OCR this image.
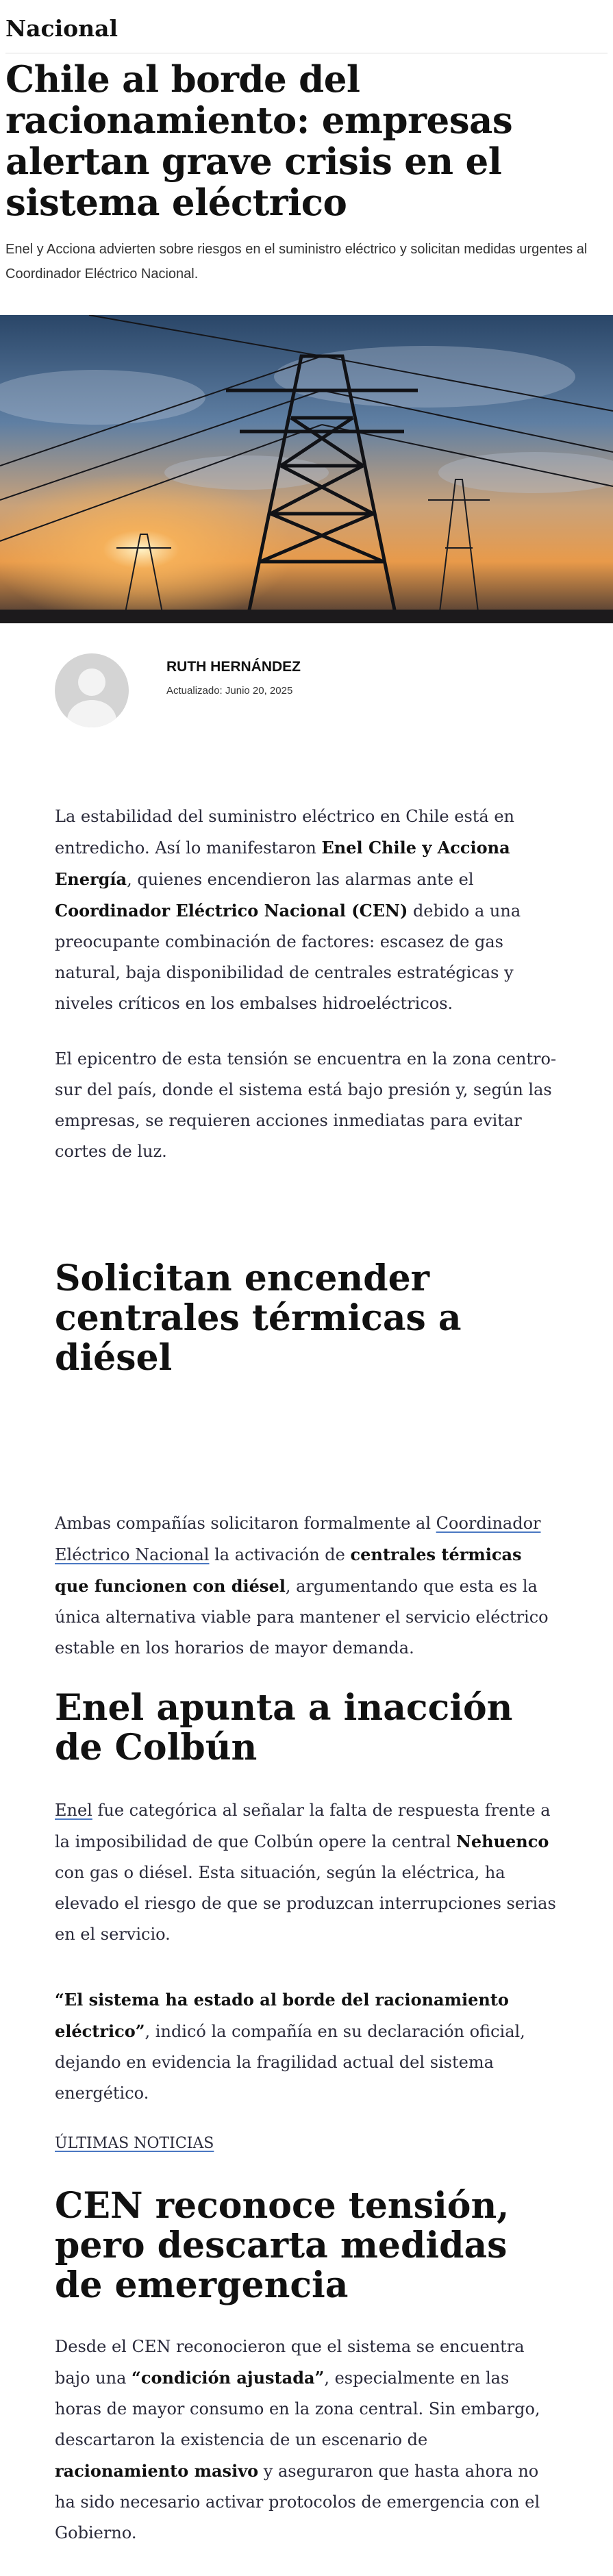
Nacional
Chile al borde del racionamiento: empresas alertan grave crisis en el sistema eléctrico

Enel y Acciona advierten sobre riesgos en el suministro eléctrico y solicitan medidas urgentes al Coordinador Eléctrico Nacional.

RUTH HERNÁNDEZ
Actualizado: Junio 20, 2025

La estabilidad del suministro eléctrico en Chile está en entredicho. Así lo manifestaron Enel Chile y Acciona Energía, quienes encendieron las alarmas ante el Coordinador Eléctrico Nacional (CEN) debido a una preocupante combinación de factores: escasez de gas natural, baja disponibilidad de centrales estratégicas y niveles críticos en los embalses hidroeléctricos.

El epicentro de esta tensión se encuentra en la zona centro-sur del país, donde el sistema está bajo presión y, según las empresas, se requieren acciones inmediatas para evitar cortes de luz.

Solicitan encender centrales térmicas a diésel

Ambas compañías solicitaron formalmente al Coordinador Eléctrico Nacional la activación de centrales térmicas que funcionen con diésel, argumentando que esta es la única alternativa viable para mantener el servicio eléctrico estable en los horarios de mayor demanda.

Enel apunta a inacción de Colbún

Enel fue categórica al señalar la falta de respuesta frente a la imposibilidad de que Colbún opere la central Nehuenco con gas o diésel. Esta situación, según la eléctrica, ha elevado el riesgo de que se produzcan interrupciones serias en el servicio.

“El sistema ha estado al borde del racionamiento eléctrico”, indicó la compañía en su declaración oficial, dejando en evidencia la fragilidad actual del sistema energético.

ÚLTIMAS NOTICIAS
CEN reconoce tensión, pero descarta medidas de emergencia

Desde el CEN reconocieron que el sistema se encuentra bajo una “condición ajustada”, especialmente en las horas de mayor consumo en la zona central. Sin embargo, descartaron la existencia de un escenario de racionamiento masivo y aseguraron que hasta ahora no ha sido necesario activar protocolos de emergencia con el Gobierno.
